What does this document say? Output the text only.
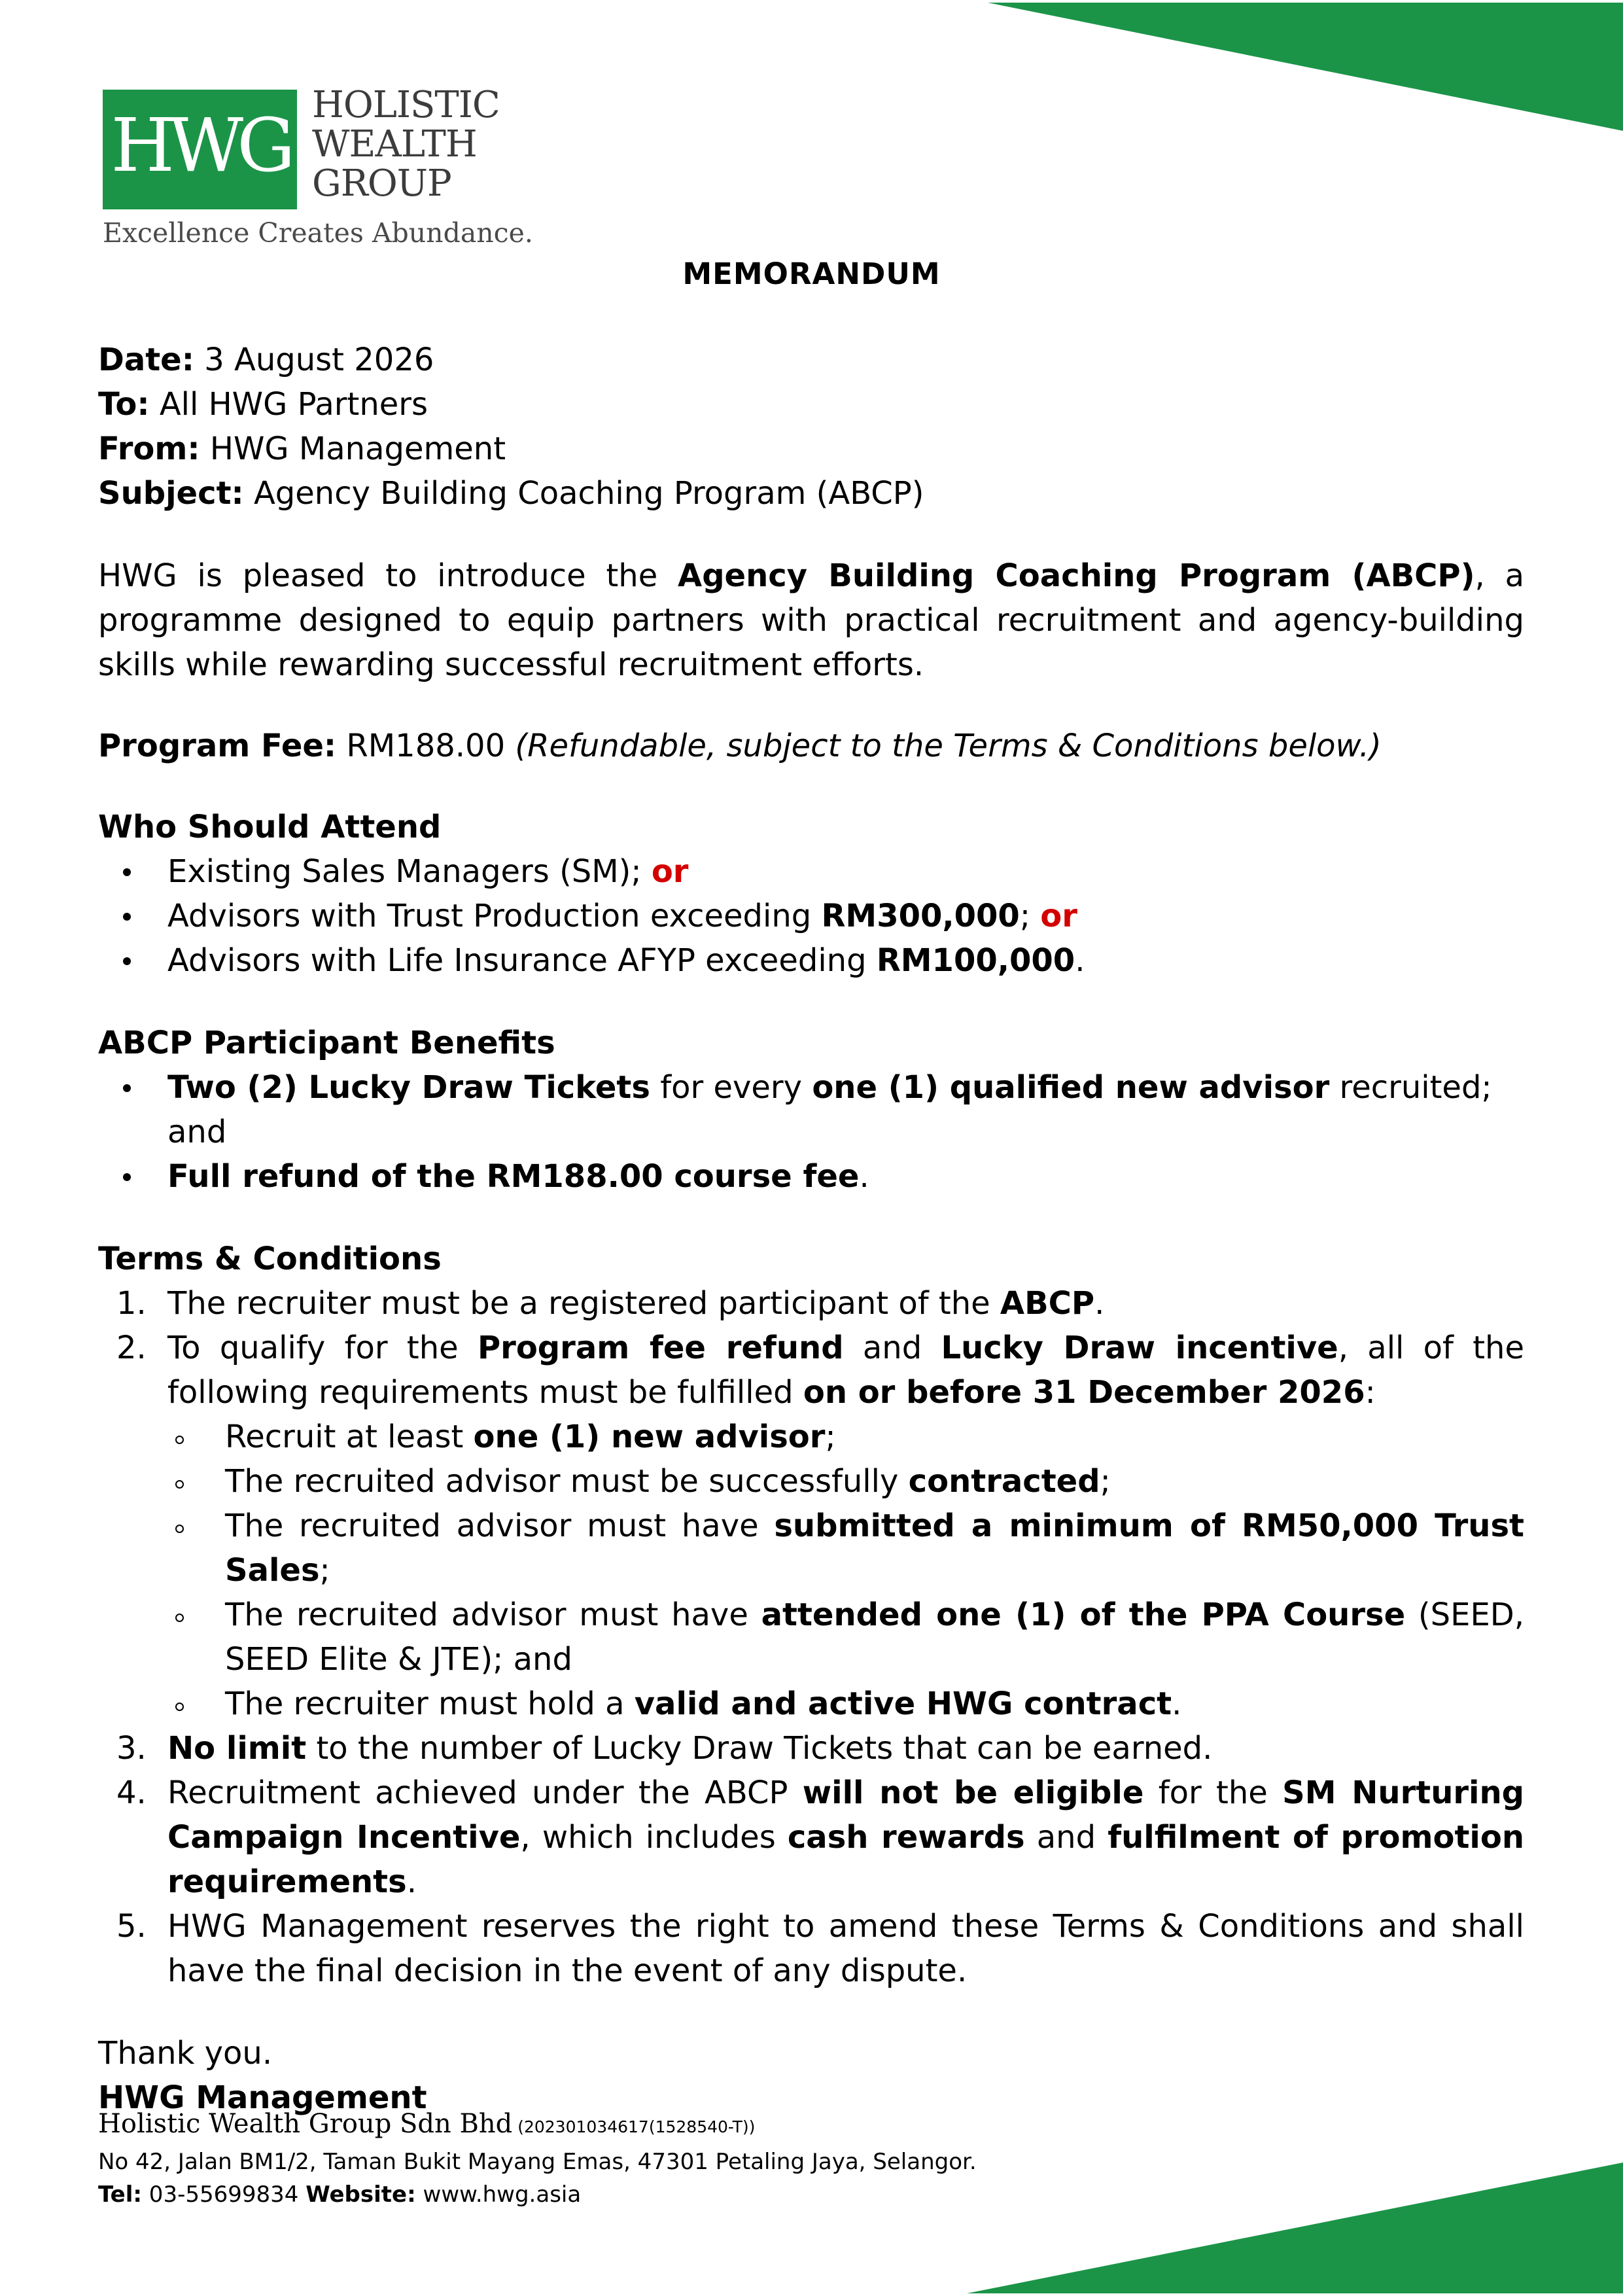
HWG HOLISTIC
WEALTH
GROUP
Excellence Creates Abundance.
MEMORANDUM

Date: 3 August 2026

To: All HWG Partners

From: HWG Management

Subject: Agency Building Coaching Program (ABCP)

HWG is pleased to introduce the Agency Building Coaching Program (ABCP), a programme designed to equip partners with practical recruitment and agency-building skills while rewarding successful recruitment efforts.

Program Fee: RM188.00 (Refundable, subject to the Terms & Conditions below.)

Who Should Attend

Existing Sales Managers (SM); or
Advisors with Trust Production exceeding RM300,000; or
Advisors with Life Insurance AFYP exceeding RM100,000.

ABCP Participant Benefits

Two (2) Lucky Draw Tickets for every one (1) qualified new advisor recruited; and
Full refund of the RM188.00 course fee.

Terms & Conditions

1. The recruiter must be a registered participant of the ABCP.
2. To qualify for the Program fee refund and Lucky Draw incentive, all of the following requirements must be fulfilled on or before 31 December 2026:
Recruit at least one (1) new advisor;
The recruited advisor must be successfully contracted;
The recruited advisor must have submitted a minimum of RM50,000 Trust Sales;
The recruited advisor must have attended one (1) of the PPA Course (SEED, SEED Elite & JTE); and
The recruiter must hold a valid and active HWG contract.
3. No limit to the number of Lucky Draw Tickets that can be earned.
4. Recruitment achieved under the ABCP will not be eligible for the SM Nurturing Campaign Incentive, which includes cash rewards and fulfilment of promotion requirements.
5. HWG Management reserves the right to amend these Terms & Conditions and shall have the final decision in the event of any dispute.

Thank you.

HWG Management

Holistic Wealth Group Sdn Bhd (202301034617(1528540-T))
No 42, Jalan BM1/2, Taman Bukit Mayang Emas, 47301 Petaling Jaya, Selangor.
Tel: 03-55699834 Website: www.hwg.asia
